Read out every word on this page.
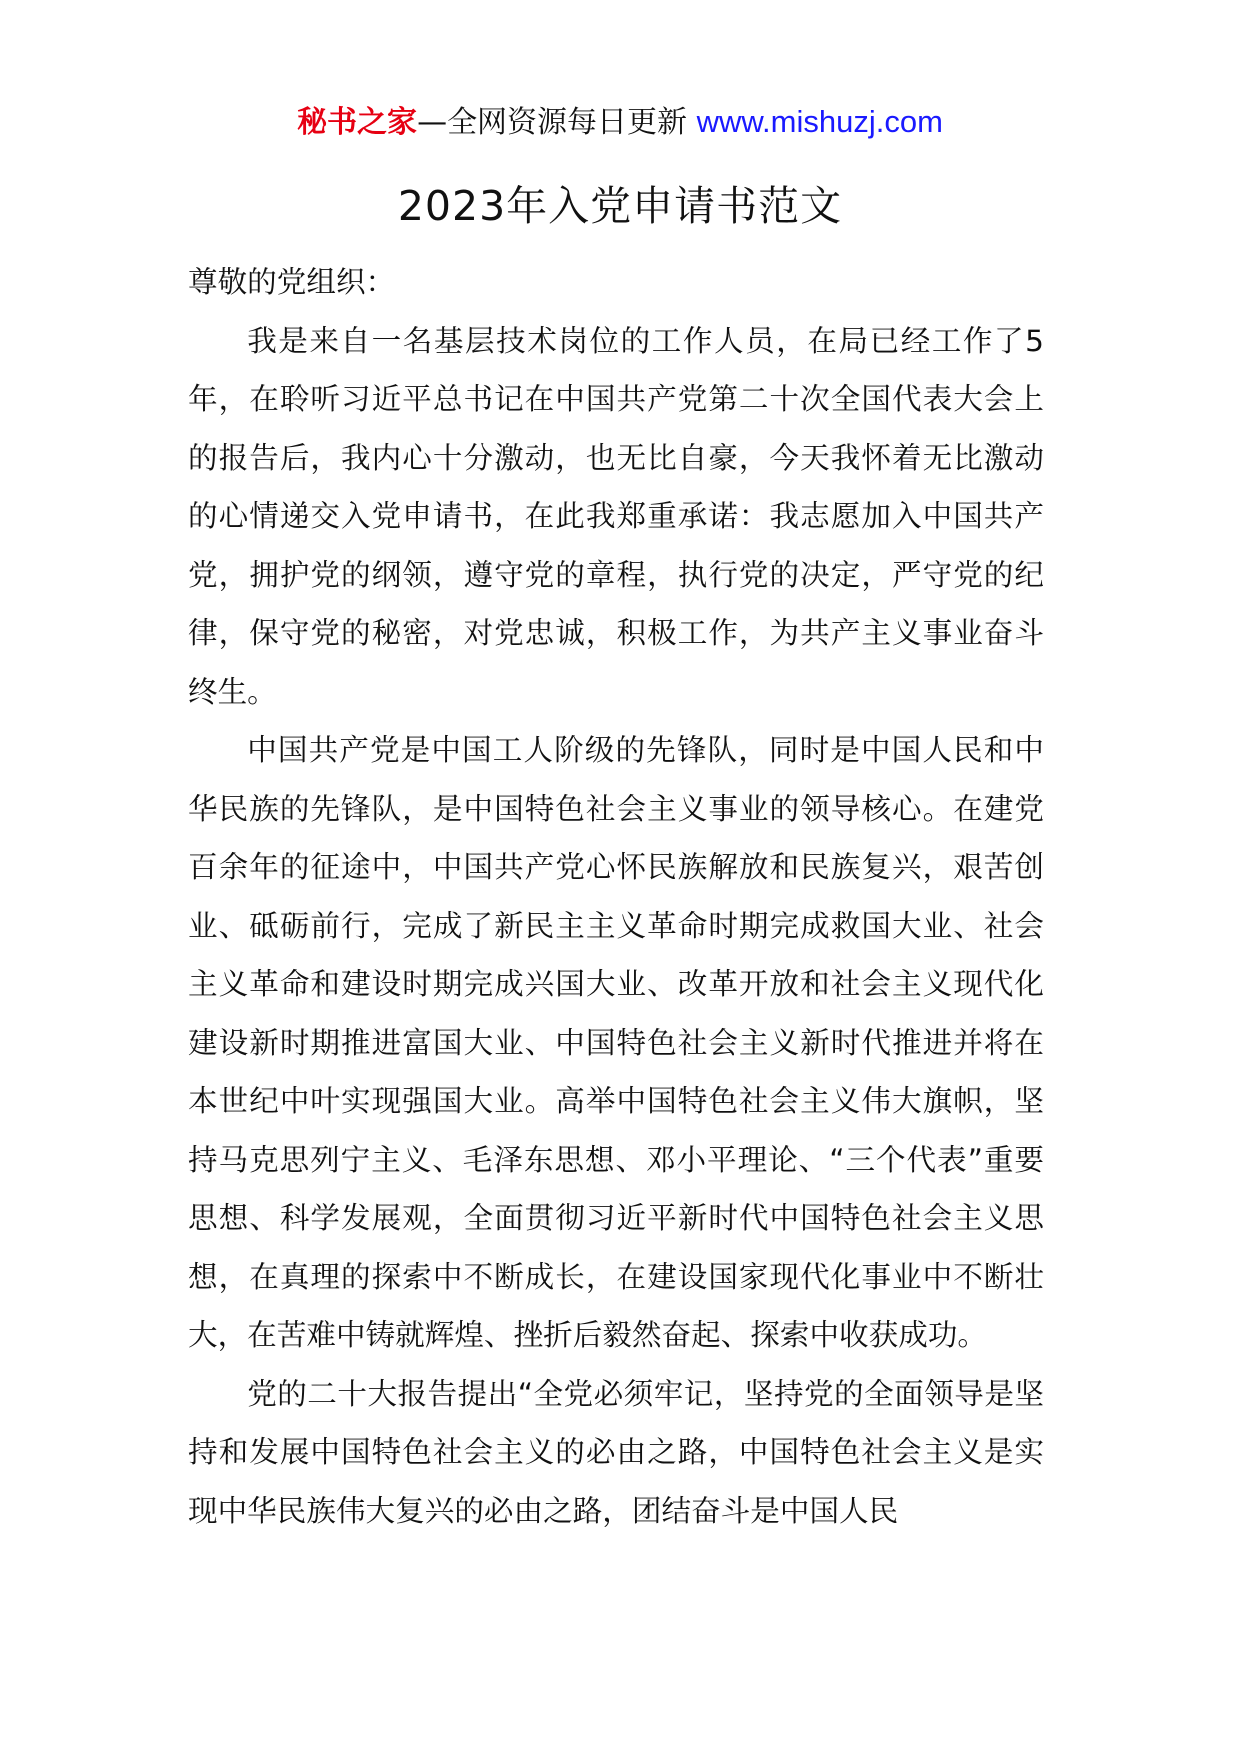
秘书之家—全网资源每日更新 www.mishuzj.com
2023年入党申请书范文

尊敬的党组织：

我是来自一名基层技术岗位的工作人员，在局已经工作了5年，在聆听习近平总书记在中国共产党第二十次全国代表大会上的报告后，我内心十分激动，也无比自豪，今天我怀着无比激动的心情递交入党申请书，在此我郑重承诺：我志愿加入中国共产党，拥护党的纲领，遵守党的章程，执行党的决定，严守党的纪律，保守党的秘密，对党忠诚，积极工作，为共产主义事业奋斗终生。

中国共产党是中国工人阶级的先锋队，同时是中国人民和中华民族的先锋队，是中国特色社会主义事业的领导核心。在建党百余年的征途中，中国共产党心怀民族解放和民族复兴，艰苦创业、砥砺前行，完成了新民主主义革命时期完成救国大业、社会主义革命和建设时期完成兴国大业、改革开放和社会主义现代化建设新时期推进富国大业、中国特色社会主义新时代推进并将在本世纪中叶实现强国大业。高举中国特色社会主义伟大旗帜，坚持马克思列宁主义、毛泽东思想、邓小平理论、“三个代表”重要思想、科学发展观，全面贯彻习近平新时代中国特色社会主义思想，在真理的探索中不断成长，在建设国家现代化事业中不断壮大，在苦难中铸就辉煌、挫折后毅然奋起、探索中收获成功。

党的二十大报告提出“全党必须牢记，坚持党的全面领导是坚持和发展中国特色社会主义的必由之路，中国特色社会主义是实现中华民族伟大复兴的必由之路，团结奋斗是中国人民
